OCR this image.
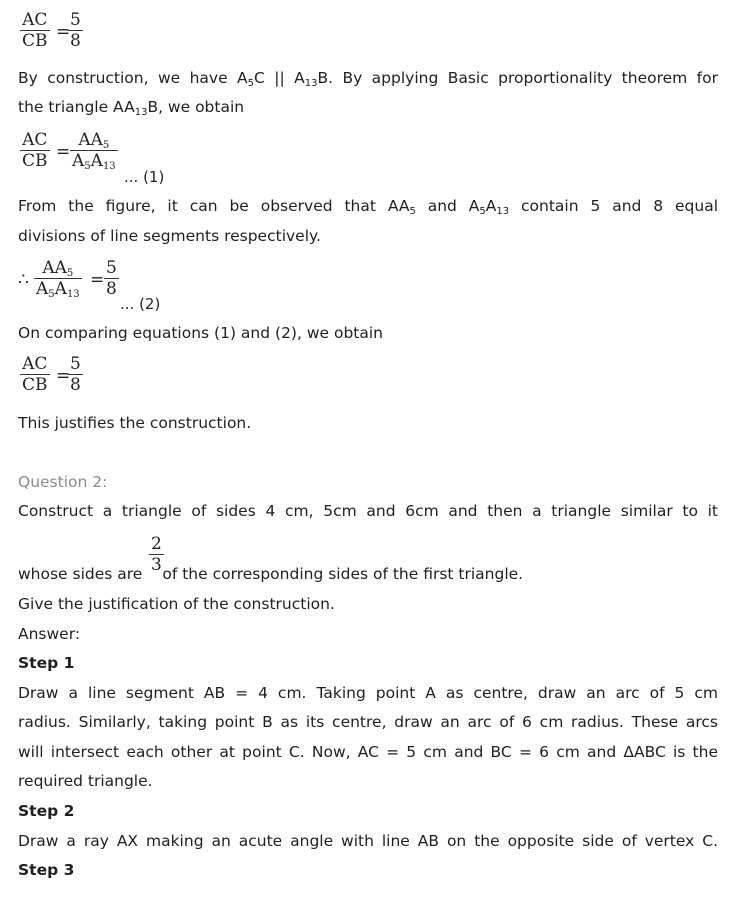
$\frac{AC}{CB}$ =
$\frac{5}{8}$
By construction, we have $A_5C$ || $A_{13}B$. By applying Basic proportionality theorem for
the triangle $AA_{13}B$, we obtain
$\frac{AC}{CB} = \frac{AA_5}{A_5A_{13}}$
... (1)
From the figure, it can be observed that $AA_5$ and $A_5A_{13}$ contain 5 and 8 equal
divisions of line segments respectively.
∴ $\frac{AA_5}{A_5A_{13}} = \frac{5}{8}$
... (2)
On comparing equations (1) and (2), we obtain
$\frac{AC}{CB}$ =
$\frac{5}{8}$
This justifies the construction.
Question 2:
Construct a triangle of sides 4 cm, 5cm and 6cm and then a triangle similar to it
$\frac{2}{3}$
whose sides are of the corresponding sides of the first triangle.
Give the justification of the construction.
Answer:
Step 1
Draw a line segment AB = 4 cm. Taking point A as centre, draw an arc of 5 cm
radius. Similarly, taking point B as its centre, draw an arc of 6 cm radius. These arcs
will intersect each other at point C. Now, AC = 5 cm and BC = 6 cm and ΔABC is the
required triangle.
Step 2
Draw a ray AX making an acute angle with line AB on the opposite side of vertex C.
Step 3
